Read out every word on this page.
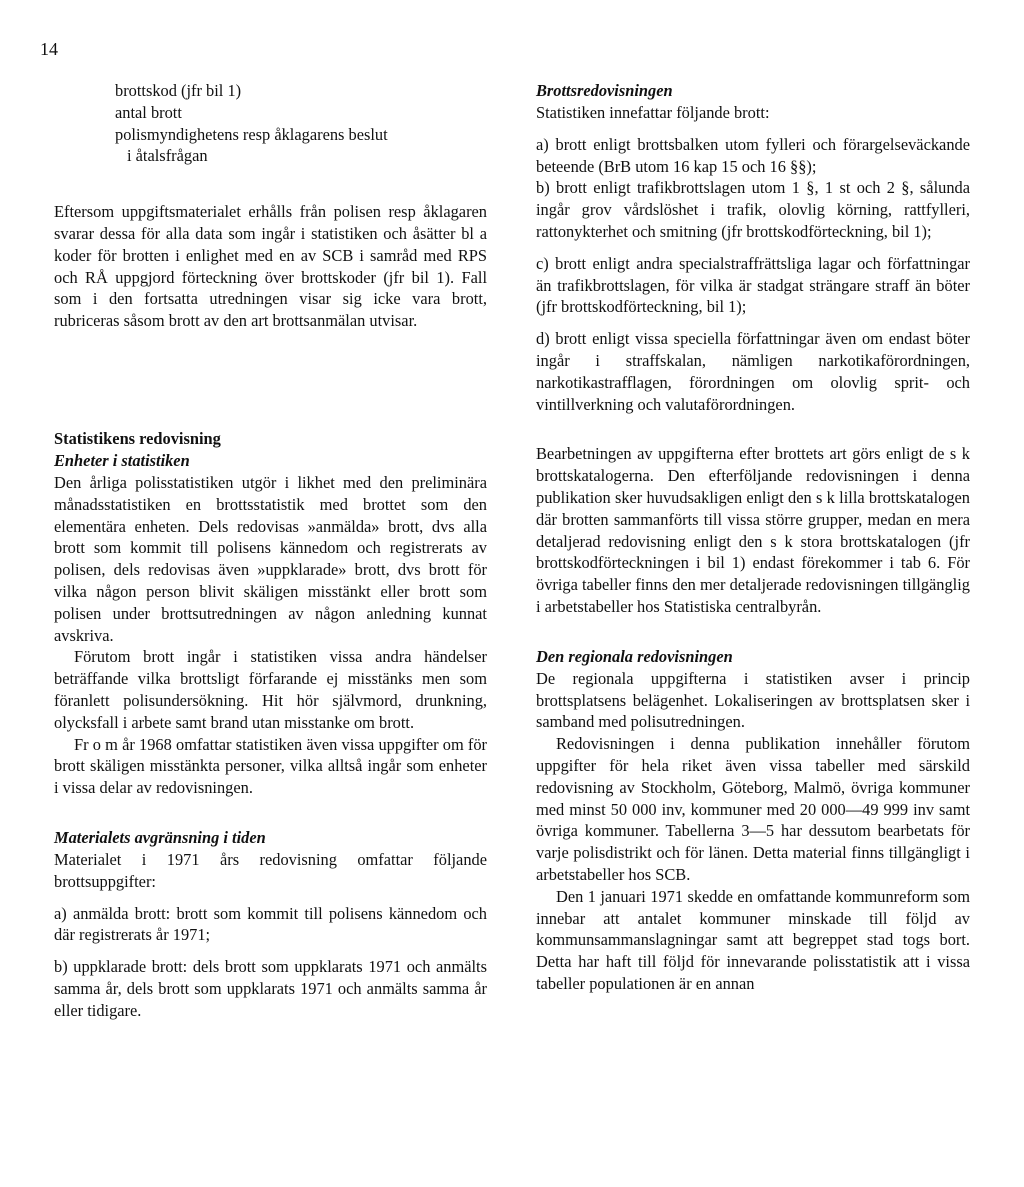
14
brottskod (jfr bil 1)
antal brott
polismyndighetens resp åklagarens beslut
i åtalsfrågan

Eftersom uppgiftsmaterialet erhålls från polisen resp åklagaren svarar dessa för alla data som ingår i statistiken och åsätter bl a koder för brotten i enlighet med en av SCB i samråd med RPS och RÅ uppgjord förteckning över brottskoder (jfr bil 1). Fall som i den fortsatta utredningen visar sig icke vara brott, rubriceras såsom brott av den art brottsanmälan utvisar.

Statistikens redovisning
Enheter i statistiken

Den årliga polisstatistiken utgör i likhet med den preliminära månadsstatistiken en brottsstatistik med brottet som den elementära enheten. Dels redovisas »anmälda» brott, dvs alla brott som kommit till polisens kännedom och registrerats av polisen, dels redovisas även »uppklarade» brott, dvs brott för vilka någon person blivit skäligen misstänkt eller brott som polisen under brottsutredningen av någon anledning kunnat avskriva.

Förutom brott ingår i statistiken vissa andra händelser beträffande vilka brottsligt förfarande ej misstänks men som föranlett polisundersökning. Hit hör självmord, drunkning, olycksfall i arbete samt brand utan misstanke om brott.

Fr o m år 1968 omfattar statistiken även vissa uppgifter om för brott skäligen misstänkta personer, vilka alltså ingår som enheter i vissa delar av redovisningen.

Materialets avgränsning i tiden

Materialet i 1971 års redovisning omfattar följande brottsuppgifter:

a) anmälda brott: brott som kommit till polisens kännedom och där registrerats år 1971;

b) uppklarade brott: dels brott som uppklarats 1971 och anmälts samma år, dels brott som uppklarats 1971 och anmälts samma år eller tidigare.

Brottsredovisningen

Statistiken innefattar följande brott:

a) brott enligt brottsbalken utom fylleri och förargelseväckande beteende (BrB utom 16 kap 15 och 16 §§);

b) brott enligt trafikbrottslagen utom 1 §, 1 st och 2 §, sålunda ingår grov vårdslöshet i trafik, olovlig körning, rattfylleri, rattonykterhet och smitning (jfr brottskodförteckning, bil 1);

c) brott enligt andra specialstraffrättsliga lagar och författningar än trafikbrottslagen, för vilka är stadgat strängare straff än böter (jfr brottskodförteckning, bil 1);

d) brott enligt vissa speciella författningar även om endast böter ingår i straffskalan, nämligen narkotikaförordningen, narkotikastrafflagen, förordningen om olovlig sprit- och vintillverkning och valutaförordningen.

Bearbetningen av uppgifterna efter brottets art görs enligt de s k brottskatalogerna. Den efterföljande redovisningen i denna publikation sker huvudsakligen enligt den s k lilla brottskatalogen där brotten sammanförts till vissa större grupper, medan en mera detaljerad redovisning enligt den s k stora brottskatalogen (jfr brottskodförteckningen i bil 1) endast förekommer i tab 6. För övriga tabeller finns den mer detaljerade redovisningen tillgänglig i arbetstabeller hos Statistiska centralbyrån.

Den regionala redovisningen

De regionala uppgifterna i statistiken avser i princip brottsplatsens belägenhet. Lokaliseringen av brottsplatsen sker i samband med polisutredningen.

Redovisningen i denna publikation innehåller förutom uppgifter för hela riket även vissa tabeller med särskild redovisning av Stockholm, Göteborg, Malmö, övriga kommuner med minst 50 000 inv, kommuner med 20 000—49 999 inv samt övriga kommuner. Tabellerna 3—5 har dessutom bearbetats för varje polisdistrikt och för länen. Detta material finns tillgängligt i arbetstabeller hos SCB.

Den 1 januari 1971 skedde en omfattande kommunreform som innebar att antalet kommuner minskade till följd av kommunsammanslagningar samt att begreppet stad togs bort. Detta har haft till följd för innevarande polisstatistik att i vissa tabeller populationen är en annan
